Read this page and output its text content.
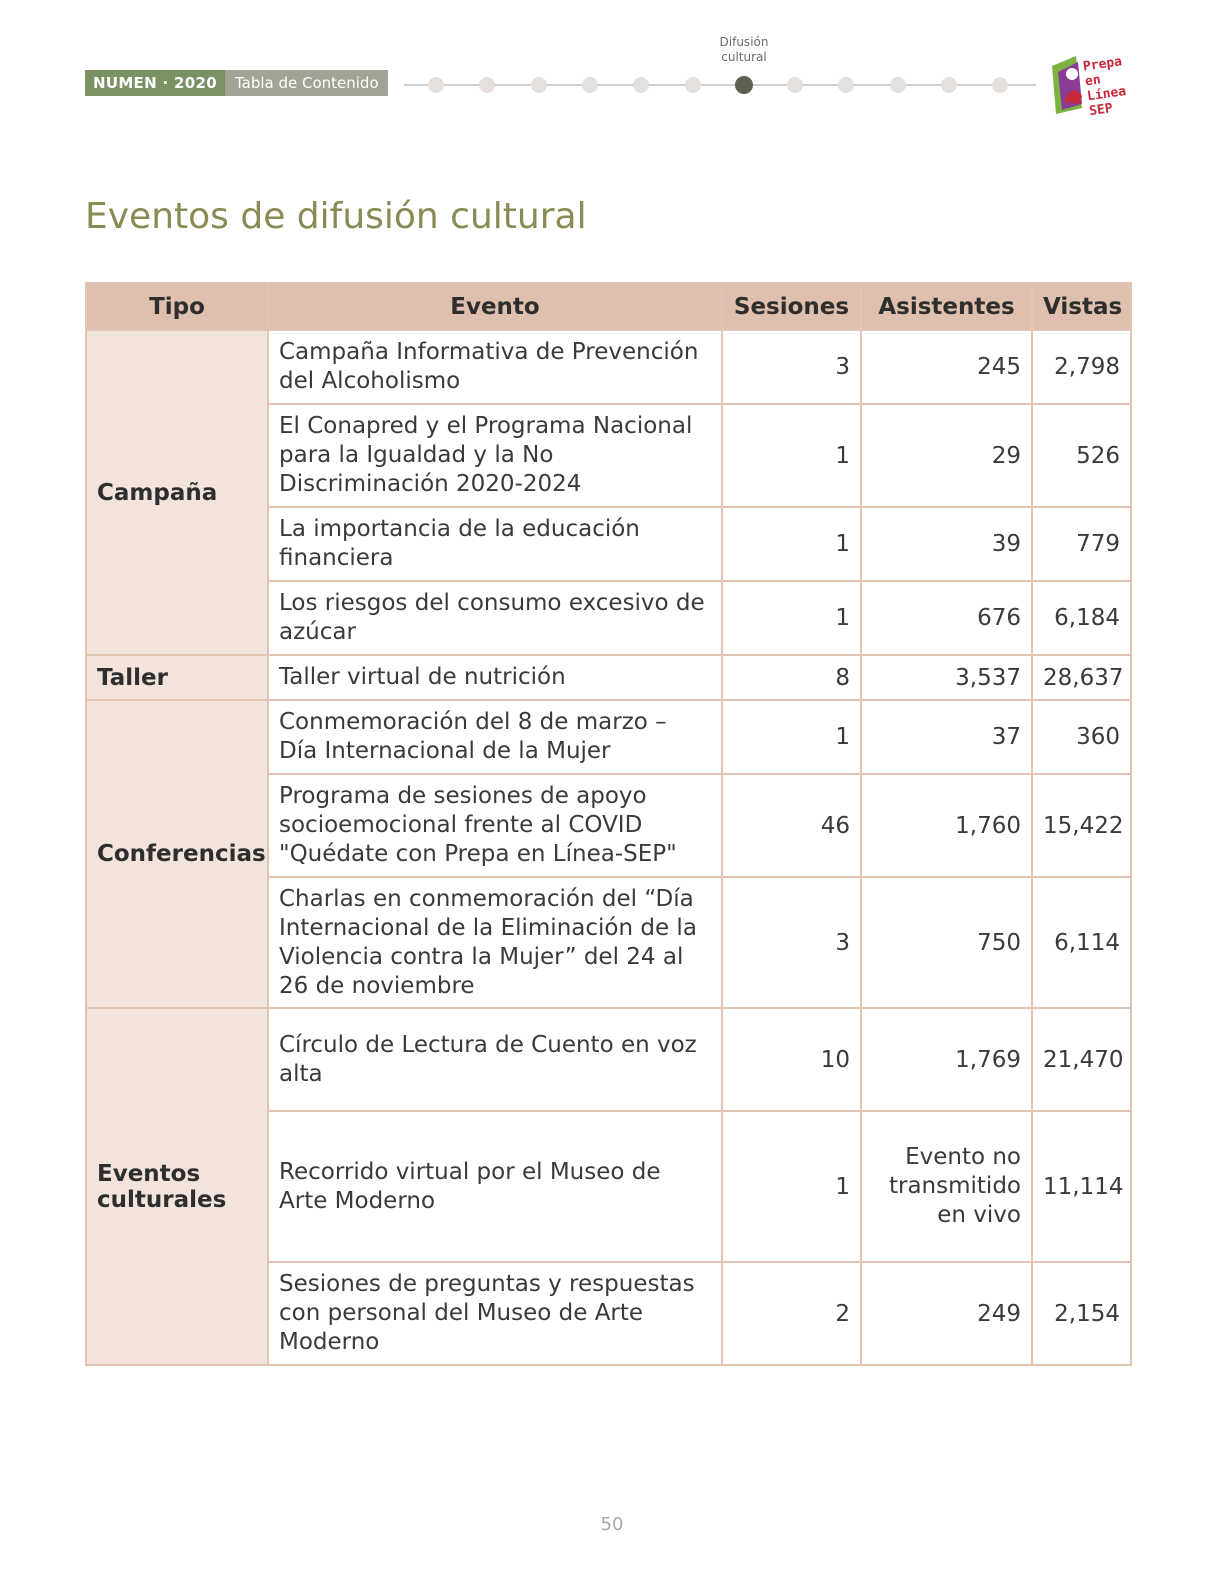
NUMEN · 2020	Tabla de Contenido
Difusión cultural	Prepa en Línea SEP
Eventos de difusión cultural
Tipo	Evento	Sesiones	Asistentes	Vistas
Campaña	Campaña Informativa de Prevención del Alcoholismo	3	245	2,798
	El Conapred y el Programa Nacional para la Igualdad y la No Discriminación 2020-2024	1	29	526
	La importancia de la educación financiera	1	39	779
	Los riesgos del consumo excesivo de azúcar	1	676	6,184
Taller	Taller virtual de nutrición	8	3,537	28,637
Conferencias	Conmemoración del 8 de marzo – Día Internacional de la Mujer	1	37	360
	Programa de sesiones de apoyo socioemocional frente al COVID "Quédate con Prepa en Línea-SEP"	46	1,760	15,422
	Charlas en conmemoración del “Día Internacional de la Eliminación de la Violencia contra la Mujer” del 24 al 26 de noviembre	3	750	6,114
Eventos culturales	Círculo de Lectura de Cuento en voz alta	10	1,769	21,470
	Recorrido virtual por el Museo de Arte Moderno	1	Evento no transmitido en vivo	11,114
	Sesiones de preguntas y respuestas con personal del Museo de Arte Moderno	2	249	2,154
50
